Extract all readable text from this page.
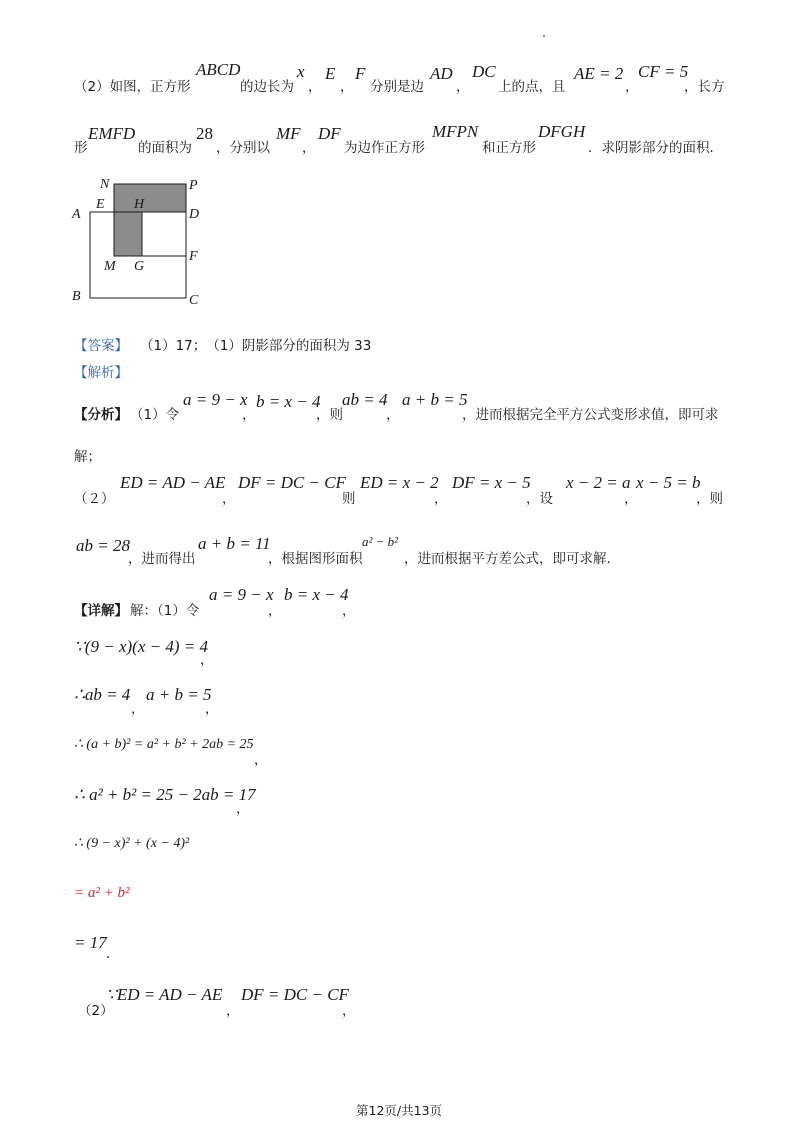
（2）如图，正方形
ABCD
的边长为
x
，
E
，
F
分别是边
AD
，
DC
上的点，且
AE = 2
，
CF = 5
，长方
形
EMFD
的面积为
28
，分别以
MF
，
DF
为边作正方形
MFPN
和正方形
DFGH
．求阴影部分的面积．
N	P
A
E H
D
M G
F
B	C
【答案】 （1）17；　（1）阴影部分的面积为 33
【解析】
【分析】 （1）令
a = 9 − x
，
b = x − 4
，则
ab = 4
，
a + b = 5
，进而根据完全平方公式变形求值，即可求
解；
（２）
ED = AD − AE
，
DF = DC − CF
则
ED = x − 2
，
DF = x − 5
，设
x − 2 = a
，
x − 5 = b
，则
ab = 28
，进而得出
a + b = 11
，根据图形面积
a² − b²
，进而根据平方差公式，即可求解．
【详解】 解：（1）令
a = 9 − x
，
b = x − 4
，
∵(9 − x)(x − 4) = 4
，
∴ab = 4
，
a + b = 5
，
∴ (a + b)² = a² + b² + 2ab = 25
，
∴ a² + b² = 25 − 2ab = 17
，
∴ (9 − x)² + (x − 4)²
= a² + b²
= 17
.
（2）
∵ED = AD − AE
，
DF = DC − CF
，
第12页/共13页
